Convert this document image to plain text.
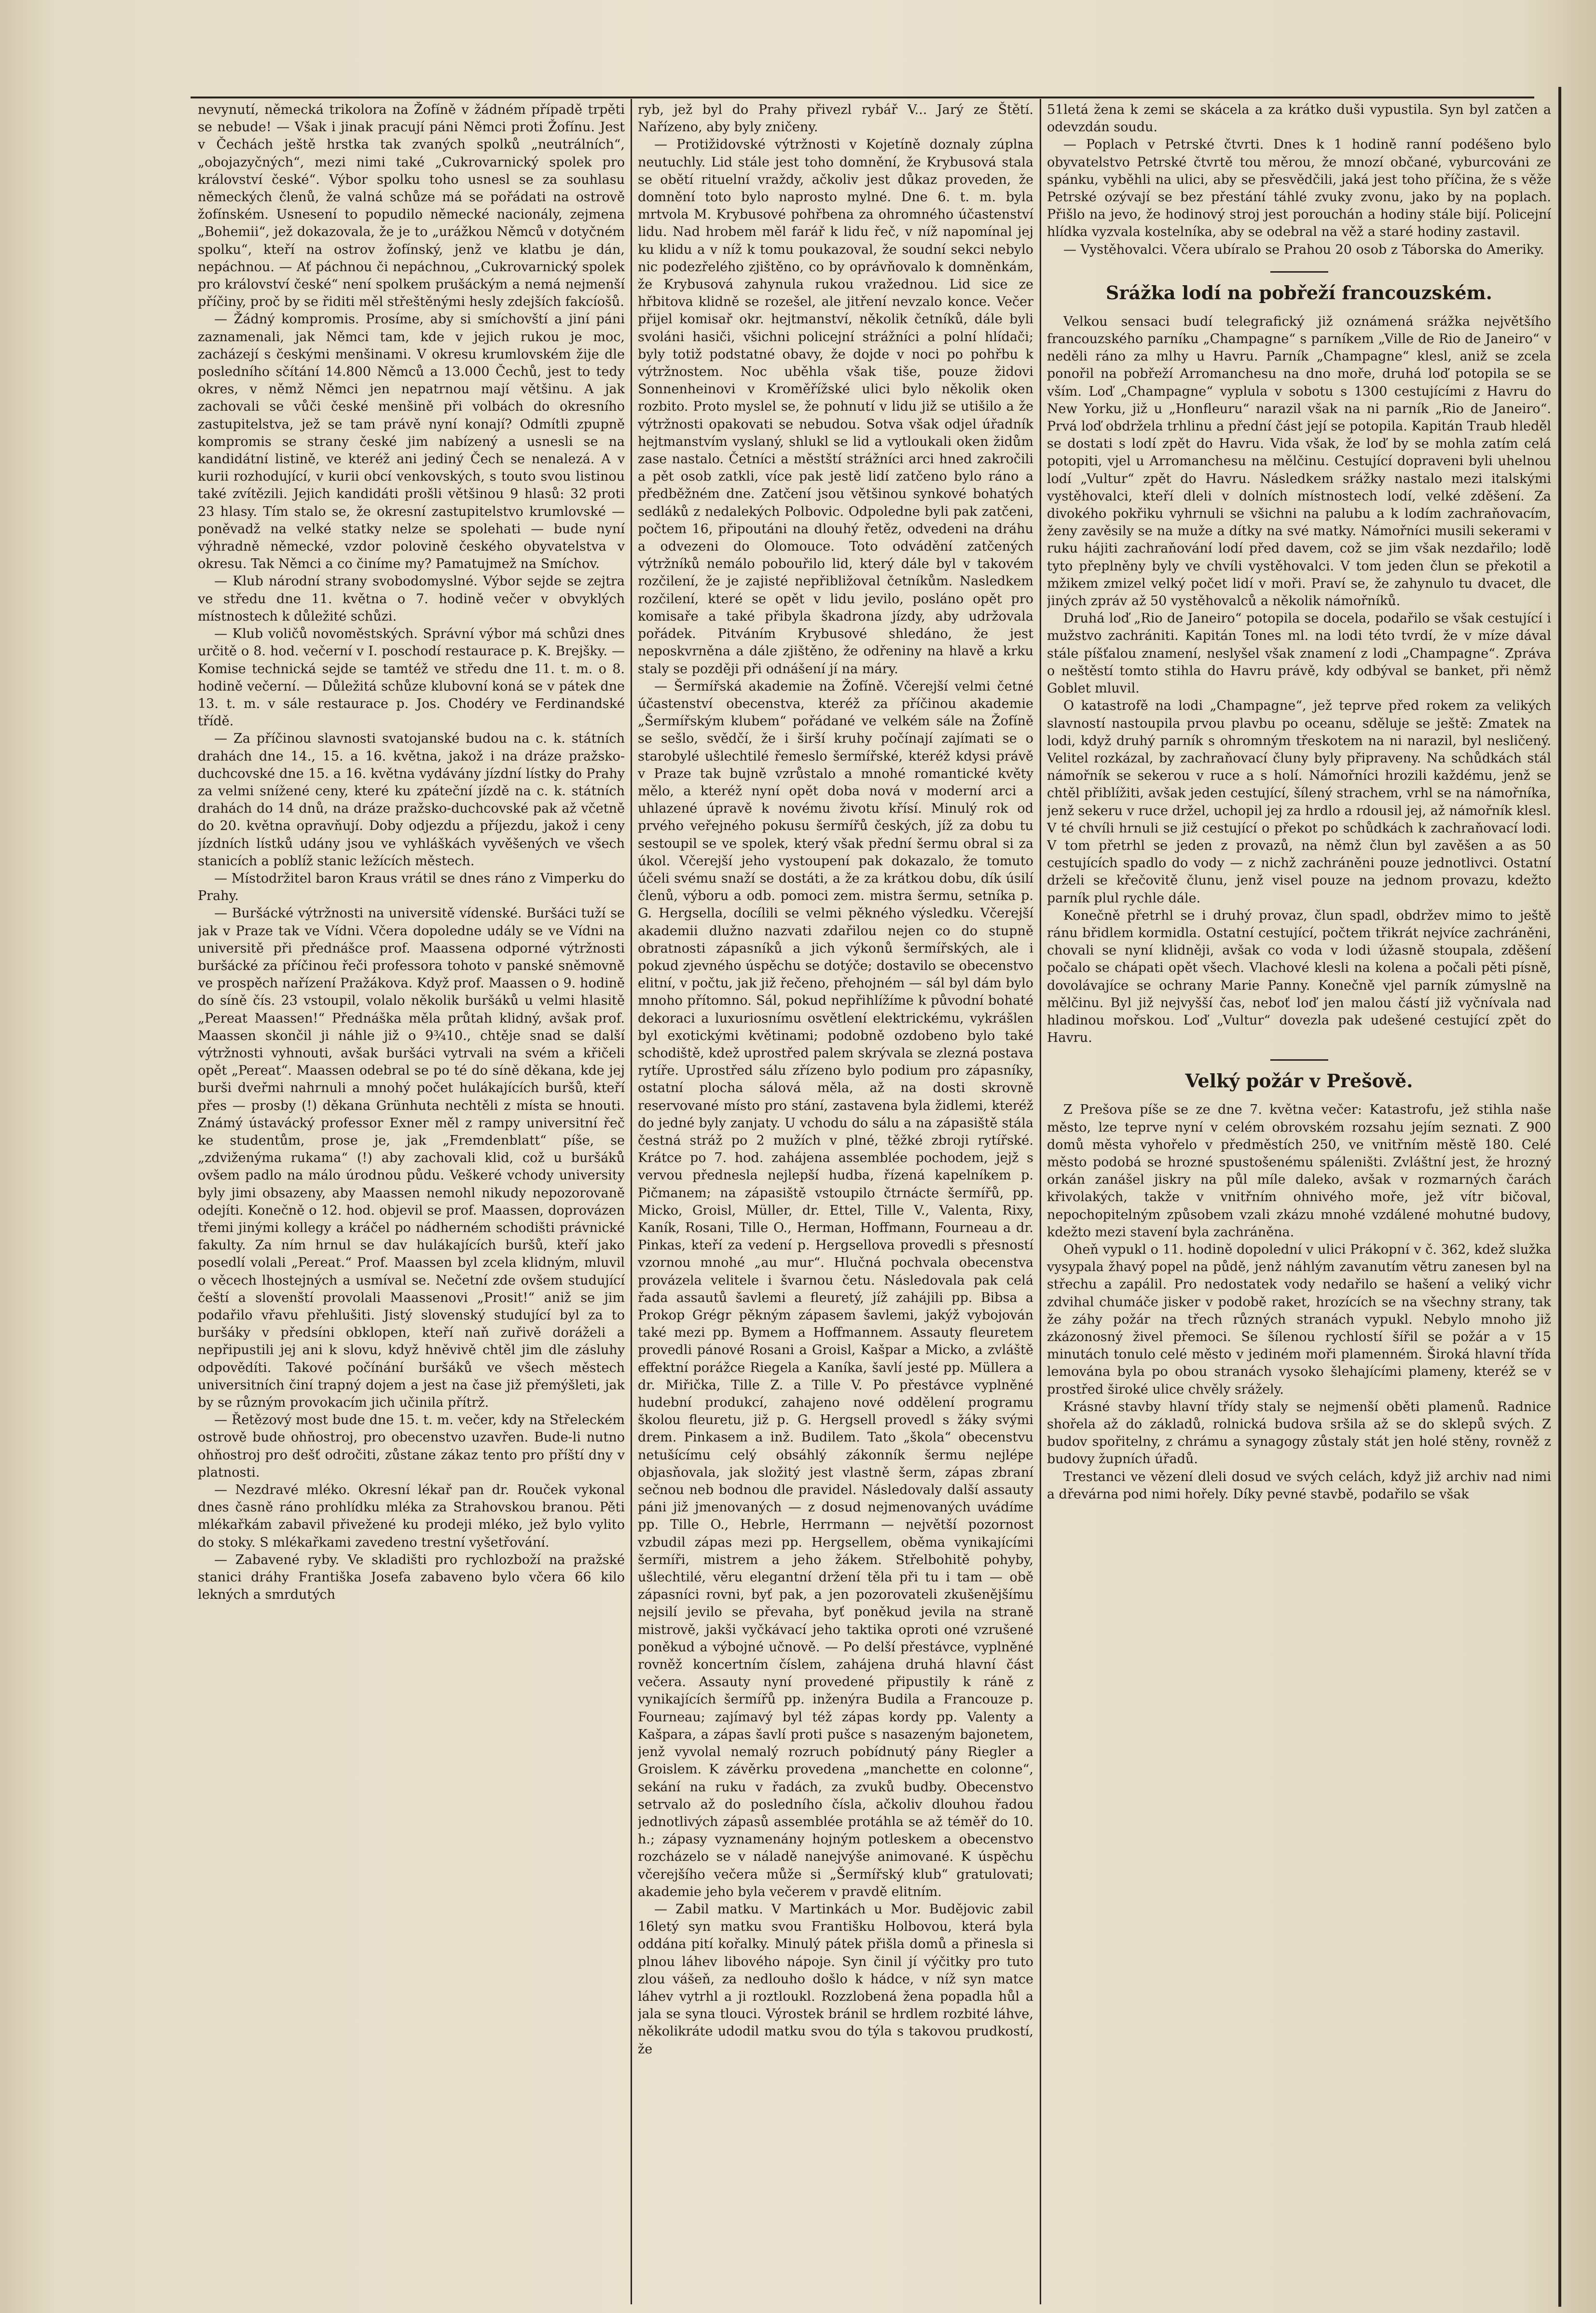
nevynutí, německá trikolora na Žofíně v žádném případě trpěti se nebude! — Však i jinak pracují páni Němci proti Žofínu. Jest v Čechách ještě hrstka tak zvaných spolků „neutrálních“, „obojazyčných“, mezi nimi také „Cukrovarnický spolek pro království české“. Výbor spolku toho usnesl se za souhlasu německých členů, že valná schůze má se pořádati na ostrově žofínském. Usnesení to popudilo německé nacionály, zejmena „Bohemii“, jež dokazovala, že je to „urážkou Němců v dotyčném spolku“, kteří na ostrov žofínský, jenž ve klatbu je dán, nepáchnou. — Ať páchnou či nepáchnou, „Cukrovarnický spolek pro království české“ není spolkem prušáckým a nemá nejmenší příčiny, proč by se řiditi měl střeštěnými hesly zdejších fakcíošů.

— Žádný kompromis. Prosíme, aby si smíchovští a jiní páni zaznamenali, jak Němci tam, kde v jejich rukou je moc, zacházejí s českými menšinami. V okresu krumlovském žije dle posledního sčítání 14.800 Němců a 13.000 Čechů, jest to tedy okres, v němž Němci jen nepatrnou mají většinu. A jak zachovali se vůči české menšině při volbách do okresního zastupitelstva, jež se tam právě nyní konají? Odmítli zpupně kompromis se strany české jim nabízený a usnesli se na kandidátní listině, ve kteréž ani jediný Čech se nenalezá. A v kurii rozhodující, v kurii obcí venkovských, s touto svou listinou také zvítězili. Jejich kandidáti prošli většinou 9 hlasů: 32 proti 23 hlasy. Tím stalo se, že okresní zastupitelstvo krumlovské — poněvadž na velké statky nelze se spolehati — bude nyní výhradně německé, vzdor polovině českého obyvatelstva v okresu. Tak Němci a co činíme my? Pamatujmež na Smíchov.

— Klub národní strany svobodomyslné. Výbor sejde se zejtra ve středu dne 11. května o 7. hodině večer v obvyklých místnostech k důležité schůzi.

— Klub voličů novoměstských. Správní výbor má schůzi dnes určitě o 8. hod. večerní v I. poschodí restaurace p. K. Brejšky. — Komise technická sejde se tamtéž ve středu dne 11. t. m. o 8. hodině večerní. — Důležitá schůze klubovní koná se v pátek dne 13. t. m. v sále restaurace p. Jos. Chodéry ve Ferdinandské třídě.

— Za příčinou slavnosti svatojanské budou na c. k. státních drahách dne 14., 15. a 16. května, jakož i na dráze pražsko-duchcovské dne 15. a 16. května vydávány jízdní lístky do Prahy za velmi snížené ceny, které ku zpáteční jízdě na c. k. státních drahách do 14 dnů, na dráze pražsko-duchcovské pak až včetně do 20. května opravňují. Doby odjezdu a příjezdu, jakož i ceny jízdních lístků udány jsou ve vyhláškách vyvěšených ve všech stanicích a poblíž stanic ležících městech.

— Místodržitel baron Kraus vrátil se dnes ráno z Vimperku do Prahy.

— Buršácké výtržnosti na universitě vídenské. Buršáci tuží se jak v Praze tak ve Vídni. Včera dopoledne udály se ve Vídni na universitě při přednášce prof. Maassena odporné výtržnosti buršácké za příčinou řeči professora tohoto v panské sněmovně ve prospěch nařízení Pražákova. Když prof. Maassen o 9. hodině do síně čís. 23 vstoupil, volalo několik buršáků u velmi hlasitě „Pereat Maassen!“ Přednáška měla průtah klidný, avšak prof. Maassen skončil ji náhle již o 9¾10., chtěje snad se další výtržnosti vyhnouti, avšak buršáci vytrvali na svém a křičeli opět „Pereat“. Maassen odebral se po té do síně děkana, kde jej burši dveřmi nahrnuli a mnohý počet hulákajících buršů, kteří přes — prosby (!) děkana Grünhuta nechtěli z místa se hnouti. Známý ústavácký professor Exner měl z rampy universitní řeč ke studentům, prose je, jak „Fremdenblatt“ píše, se „zdviženýma rukama“ (!) aby zachovali klid, což u buršáků ovšem padlo na málo úrodnou půdu. Veškeré vchody university byly jimi obsazeny, aby Maassen nemohl nikudy nepozorovaně odejíti. Konečně o 12. hod. objevil se prof. Maassen, doprovázen třemi jinými kollegy a kráčel po nádherném schodišti právnické fakulty. Za ním hrnul se dav hulákajících buršů, kteří jako posedlí volali „Pereat.“ Prof. Maassen byl zcela klidným, mluvil o věcech lhostejných a usmíval se. Nečetní zde ovšem studující čeští a slovenští provolali Maassenovi „Prosit!“ aniž se jim podařilo vřavu přehlušiti. Jistý slovenský studující byl za to buršáky v předsíni obklopen, kteří naň zuřivě doráželi a nepřipustili jej ani k slovu, když hněvivě chtěl jim dle zásluhy odpovědíti. Takové počínání buršáků ve všech městech universitních činí trapný dojem a jest na čase již přemýšleti, jak by se různým provokacím jich učinila přítrž.

— Řetězový most bude dne 15. t. m. večer, kdy na Střeleckém ostrově bude ohňostroj, pro obecenstvo uzavřen. Bude-li nutno ohňostroj pro dešť odročiti, zůstane zákaz tento pro příští dny v platnosti.

— Nezdravé mléko. Okresní lékař pan dr. Rouček vykonal dnes časně ráno prohlídku mléka za Strahovskou branou. Pěti mlékařkám zabavil přivežené ku prodeji mléko, jež bylo vylito do stoky. S mlékařkami zavedeno trestní vyšetřování.

— Zabavené ryby. Ve skladišti pro rychlozboží na pražské stanici dráhy Františka Josefa zabaveno bylo včera 66 kilo lekných a smrdutých

ryb, jež byl do Prahy přivezl rybář V... Jarý ze Štětí. Nařízeno, aby byly zničeny.

— Protižidovské výtržnosti v Kojetíně doznaly zúplna neutuchly. Lid stále jest toho domnění, že Krybusová stala se obětí rituelní vraždy, ačkoliv jest důkaz proveden, že domnění toto bylo naprosto mylné. Dne 6. t. m. byla mrtvola M. Krybusové pohřbena za ohromného účastenství lidu. Nad hrobem měl farář k lidu řeč, v níž napomínal jej ku klidu a v níž k tomu poukazoval, že soudní sekci nebylo nic podezřelého zjištěno, co by oprávňovalo k domněnkám, že Krybusová zahynula rukou vražednou. Lid sice ze hřbitova klidně se rozešel, ale jitření nevzalo konce. Večer přijel komisař okr. hejtmanství, několik četníků, dále byli svoláni hasiči, všichni policejní strážníci a polní hlídači; byly totiž podstatné obavy, že dojde v noci po pohřbu k výtržnostem. Noc uběhla však tiše, pouze židovi Sonnenheinovi v Kroměřížské ulici bylo několik oken rozbito. Proto myslel se, že pohnutí v lidu již se utišilo a že výtržnosti opakovati se nebudou. Sotva však odjel úřadník hejtmanstvím vyslaný, shlukl se lid a vytloukali oken židům zase nastalo. Četníci a městští strážníci arci hned zakročili a pět osob zatkli, více pak jestě lidí zatčeno bylo ráno a předběžném dne. Zatčení jsou většinou synkové bohatých sedláků z nedalekých Polbovic. Odpoledne byli pak zatčeni, počtem 16, připoutáni na dlouhý řetěz, odvedeni na dráhu a odvezeni do Olomouce. Toto odvádění zatčených výtržníků nemálo pobouřilo lid, který dále byl v takovém rozčilení, že je zajisté nepřibližoval četníkům. Nasledkem rozčilení, které se opět v lidu jevilo, posláno opět pro komisaře a také přibyla škadrona jízdy, aby udržovala pořádek. Pitváním Krybusové shledáno, že jest neposkvrněna a dále zjištěno, že odřeniny na hlavě a krku staly se později při odnášení jí na máry.

— Šermířská akademie na Žofíně. Včerejší velmi četné účastenství obecenstva, kteréž za příčinou akademie „Šermířským klubem“ pořádané ve velkém sále na Žofíně se sešlo, svědčí, že i širší kruhy počínají zajímati se o starobylé ušlechtilé řemeslo šermířské, kteréž kdysi právě v Praze tak bujně vzrůstalo a mnohé romantické květy mělo, a kteréž nyní opět doba nová v moderní arci a uhlazené úpravě k novému životu křísí. Minulý rok od prvého veřejného pokusu šermířů českých, jíž za dobu tu sestoupil se ve spolek, který však přední šermu obral si za úkol. Včerejší jeho vystoupení pak dokazalo, že tomuto účeli svému snaží se dostáti, a že za krátkou dobu, dík úsilí členů, výboru a odb. pomoci zem. mistra šermu, setníka p. G. Hergsella, docílili se velmi pěkného výsledku. Včerejší akademii dlužno nazvati zdařilou nejen co do stupně obratnosti zápasníků a jich výkonů šermířských, ale i pokud zjevného úspěchu se dotýče; dostavilo se obecenstvo elitní, v počtu, jak již řečeno, přehojném — sál byl dám bylo mnoho přítomno. Sál, pokud nepřihlížíme k původní bohaté dekoraci a luxuriosnímu osvětlení elektrickému, vykrášlen byl exotickými květinami; podobně ozdobeno bylo také schodiště, kdež uprostřed palem skrývala se zlezná postava rytíře. Uprostřed sálu zřízeno bylo podium pro zápasníky, ostatní plocha sálová měla, až na dosti skrovně reservované místo pro stání, zastavena byla židlemi, kteréž do jedné byly zanjaty. U vchodu do sálu a na zápasiště stála čestná stráž po 2 mužích v plné, těžké zbroji rytířské. Krátce po 7. hod. zahájena assemblée pochodem, jejž s vervou přednesla nejlepší hudba, řízená kapelníkem p. Pičmanem; na zápasiště vstoupilo čtrnácte šermířů, pp. Micko, Groisl, Müller, dr. Ettel, Tille V., Valenta, Rixy, Kaník, Rosani, Tille O., Herman, Hoffmann, Fourneau a dr. Pinkas, kteří za vedení p. Hergsellova provedli s přesností vzornou mnohé „au mur“. Hlučná pochvala obecenstva provázela velitele i švarnou četu. Následovala pak celá řada assautů šavlemi a fleuretý, jíž zahájili pp. Bibsa a Prokop Grégr pěkným zápasem šavlemi, jakýž vybojován také mezi pp. Bymem a Hoffmannem. Assauty fleuretem provedli pánové Rosani a Groisl, Kašpar a Micko, a zvláště effektní porážce Riegela a Kaníka, šavlí jesté pp. Müllera a dr. Miřička, Tille Z. a Tille V. Po přestávce vyplněné hudební produkcí, zahajeno nové oddělení programu školou fleuretu, již p. G. Hergsell provedl s žáky svými drem. Pinkasem a inž. Budilem. Tato „škola“ obecenstvu netušícímu celý obsáhlý zákonník šermu nejlépe objasňovala, jak složitý jest vlastně šerm, zápas zbraní sečnou neb bodnou dle pravidel. Následovaly další assauty páni již jmenovaných — z dosud nejmenovaných uvádíme pp. Tille O., Hebrle, Herrmann — největší pozornost vzbudil zápas mezi pp. Hergsellem, oběma vynikajícími šermíři, mistrem a jeho žákem. Střelbohitě pohyby, ušlechtilé, věru elegantní držení těla při tu i tam — obě zápasníci rovni, byť pak, a jen pozorovateli zkušenějšímu nejsilí jevilo se převaha, byť poněkud jevila na straně mistrově, jakši vyčkávací jeho taktika oproti oné vzrušené poněkud a výbojné učnově. — Po delší přestávce, vyplněné rovněž koncertním číslem, zahájena druhá hlavní část večera. Assauty nyní provedené připustily k ráně z vynikajících šermířů pp. inženýra Budila a Francouze p. Fourneau; zajímavý byl též zápas kordy pp. Valenty a Kašpara, a zápas šavlí proti pušce s nasazeným bajonetem, jenž vyvolal nemalý rozruch pobídnutý pány Riegler a Groislem. K závěrku provedena „manchette en colonne“, sekání na ruku v řadách, za zvuků budby. Obecenstvo setrvalo až do posledního čísla, ačkoliv dlouhou řadou jednotlivých zápasů assemblée protáhla se až téměř do 10. h.; zápasy vyznamenány hojným potleskem a obecenstvo rozcházelo se v náladě nanejvýše animované. K úspěchu včerejšího večera může si „Šermířský klub“ gratulovati; akademie jeho byla večerem v pravdě elitním.

— Zabil matku. V Martinkách u Mor. Budějovic zabil 16letý syn matku svou Františku Holbovou, která byla oddána pití kořalky. Minulý pátek přišla domů a přinesla si plnou láhev libového nápoje. Syn činil jí výčitky pro tuto zlou vášeň, za nedlouho došlo k hádce, v níž syn matce láhev vytrhl a ji roztloukl. Rozzlobená žena popadla hůl a jala se syna tlouci. Výrostek bránil se hrdlem rozbité láhve, několikráte udodil matku svou do týla s takovou prudkostí, že

51letá žena k zemi se skácela a za krátko duši vypustila. Syn byl zatčen a odevzdán soudu.

— Poplach v Petrské čtvrti. Dnes k 1 hodině ranní podéšeno bylo obyvatelstvo Petrské čtvrtě tou měrou, že mnozí občané, vyburcováni ze spánku, vyběhli na ulici, aby se přesvědčili, jaká jest toho příčina, že s věže Petrské ozývají se bez přestání táhlé zvuky zvonu, jako by na poplach. Přišlo na jevo, že hodinový stroj jest porouchán a hodiny stále bijí. Policejní hlídka vyzvala kostelníka, aby se odebral na věž a staré hodiny zastavil.

— Vystěhovalci. Včera ubíralo se Prahou 20 osob z Táborska do Ameriky.

Srážka lodí na pobřeží francouzském.

Velkou sensaci budí telegrafický již oznámená srážka největšího francouzského parníku „Champagne“ s parníkem „Ville de Rio de Janeiro“ v neděli ráno za mlhy u Havru. Parník „Champagne“ klesl, aniž se zcela ponořil na pobřeží Arromanchesu na dno moře, druhá loď potopila se se vším. Loď „Champagne“ vyplula v sobotu s 1300 cestujícími z Havru do New Yorku, již u „Honfleuru“ narazil však na ni parník „Rio de Janeiro“. Prvá loď obdržela trhlinu a přední část její se potopila. Kapitán Traub hleděl se dostati s lodí zpět do Havru. Vida však, že loď by se mohla zatím celá potopiti, vjel u Arromanchesu na mělčinu. Cestující dopraveni byli uhelnou lodí „Vultur“ zpět do Havru. Následkem srážky nastalo mezi italskými vystěhovalci, kteří dleli v dolních místnostech lodí, velké zděšení. Za divokého pokřiku vyhrnuli se všichni na palubu a k lodím zachraňovacím, ženy zavěsily se na muže a dítky na své matky. Námořníci musili sekerami v ruku hájiti zachraňování lodí před davem, což se jim však nezdařilo; lodě tyto přeplněny byly ve chvíli vystěhovalci. V tom jeden člun se překotil a mžikem zmizel velký počet lidí v moři. Praví se, že zahynulo tu dvacet, dle jiných zpráv až 50 vystěhovalců a několik námořníků.

Druhá loď „Rio de Janeiro“ potopila se docela, podařilo se však cestující i mužstvo zachrániti. Kapitán Tones ml. na lodi této tvrdí, že v míze dával stále píšťalou znamení, neslyšel však znamení z lodi „Champagne“. Zpráva o neštěstí tomto stihla do Havru právě, kdy odbýval se banket, při němž Goblet mluvil.

O katastrofě na lodi „Champagne“, jež teprve před rokem za velikých slavností nastoupila prvou plavbu po oceanu, sděluje se ještě: Zmatek na lodi, když druhý parník s ohromným třeskotem na ni narazil, byl nesličený. Velitel rozkázal, by zachraňovací čluny byly připraveny. Na schůdkách stál námořník se sekerou v ruce a s holí. Námořníci hrozili každému, jenž se chtěl přiblížiti, avšak jeden cestující, šílený strachem, vrhl se na námořníka, jenž sekeru v ruce držel, uchopil jej za hrdlo a rdousil jej, až námořník klesl. V té chvíli hrnuli se již cestující o překot po schůdkách k zachraňovací lodi. V tom přetrhl se jeden z provazů, na němž člun byl zavěšen a as 50 cestujících spadlo do vody — z nichž zachráněni pouze jednotlivci. Ostatní drželi se křečovitě člunu, jenž visel pouze na jednom provazu, kdežto parník plul rychle dále.

Konečně přetrhl se i druhý provaz, člun spadl, obdržev mimo to ještě ránu břidlem kormidla. Ostatní cestující, počtem třikrát nejvíce zachráněni, chovali se nyní klidněji, avšak co voda v lodi úžasně stoupala, zděšení počalo se chápati opět všech. Vlachové klesli na kolena a počali pěti písně, dovolávajíce se ochrany Marie Panny. Konečně vjel parník zúmyslně na mělčinu. Byl již nejvyšší čas, neboť loď jen malou částí již vyčnívala nad hladinou mořskou. Loď „Vultur“ dovezla pak udešené cestující zpět do Havru.

Velký požár v Prešově.

Z Prešova píše se ze dne 7. května večer: Katastrofu, jež stihla naše město, lze teprve nyní v celém obrovském rozsahu jejím seznati. Z 900 domů města vyhořelo v předměstích 250, ve vnitřním městě 180. Celé město podobá se hrozné spustošenému spáleništi. Zvláštní jest, že hrozný orkán zanášel jiskry na půl míle daleko, avšak v rozmarných čarách křivolakých, takže v vnitřním ohnivého moře, jež vítr bičoval, nepochopitelným způsobem vzali zkázu mnohé vzdálené mohutné budovy, kdežto mezi stavení byla zachráněna.

Oheň vypukl o 11. hodině dopolední v ulici Prákopní v č. 362, kdež služka vysypala žhavý popel na půdě, jenž náhlým zavanutím větru zanesen byl na střechu a zapálil. Pro nedostatek vody nedařilo se hašení a veliký vichr zdvihal chumáče jisker v podobě raket, hrozících se na všechny strany, tak že záhy požár na třech různých stranách vypukl. Nebylo mnoho již zkázonosný živel přemoci. Se šílenou rychlostí šířil se požár a v 15 minutách tonulo celé město v jediném moři plamenném. Široká hlavní třída lemována byla po obou stranách vysoko šlehajícími plameny, kteréž se v prostřed široké ulice chvěly srážely.

Krásné stavby hlavní třídy staly se nejmenší oběti plamenů. Radnice shořela až do základů, rolnická budova sršila až se do sklepů svých. Z budov spořitelny, z chrámu a synagogy zůstaly stát jen holé stěny, rovněž z budovy župních úřadů.

Trestanci ve vězení dleli dosud ve svých celách, když již archiv nad nimi a dřevárna pod nimi hořely. Díky pevné stavbě, podařilo se však
